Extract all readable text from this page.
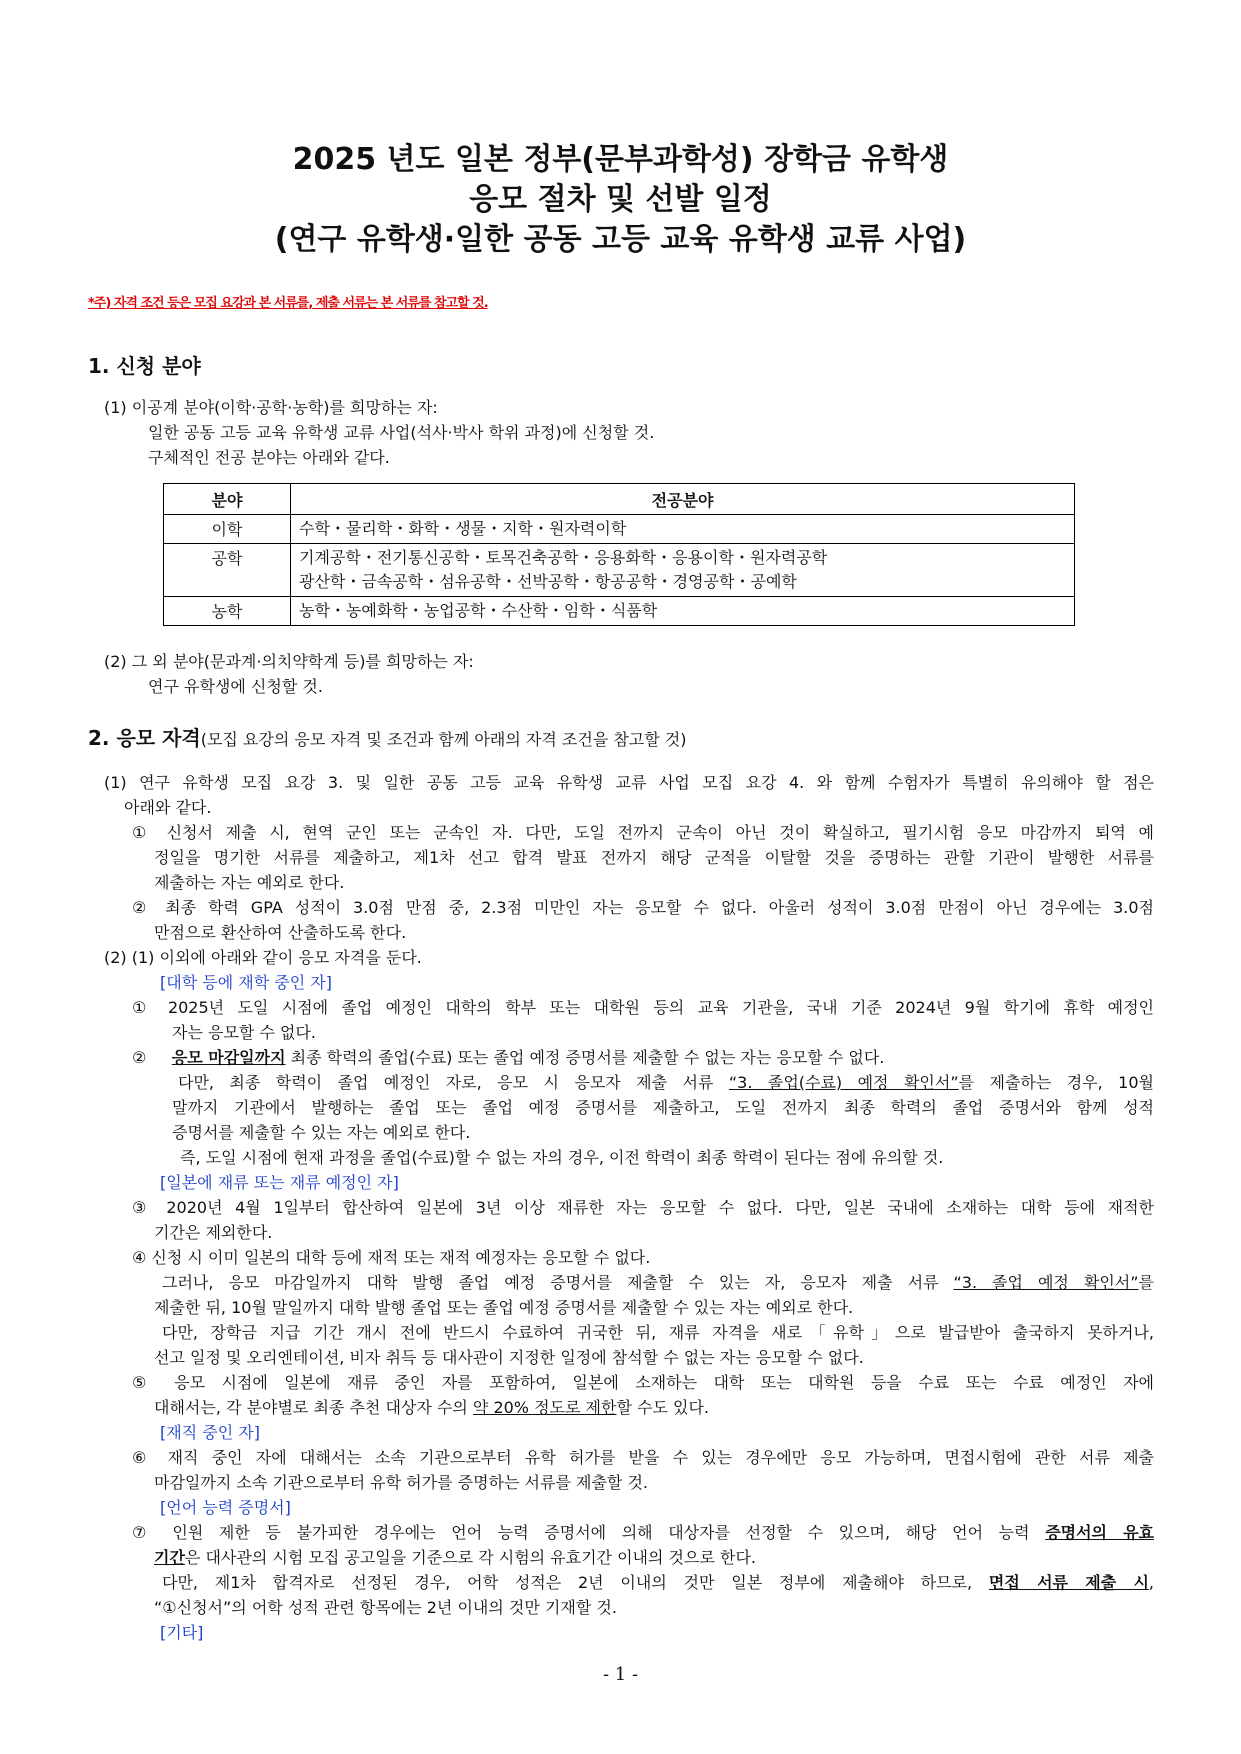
2025 년도 일본 정부(문부과학성) 장학금 유학생
응모 절차 및 선발 일정
(연구 유학생·일한 공동 고등 교육 유학생 교류 사업)
*주) 자격 조건 등은 모집 요강과 본 서류를, 제출 서류는 본 서류를 참고할 것.
1. 신청 분야
(1) 이공계 분야(이학·공학·농학)를 희망하는 자:
일한 공동 고등 교육 유학생 교류 사업(석사·박사 학위 과정)에 신청할 것.
구체적인 전공 분야는 아래와 같다.
분야	전공분야
이학	수학・물리학・화학・생물・지학・원자력이학

공학	기계공학・전기통신공학・토목건축공학・응용화학・응용이학・원자력공학
광산학・금속공학・섬유공학・선박공학・항공공학・경영공학・공예학

농학	농학・농예화학・농업공학・수산학・임학・식품학
(2) 그 외 분야(문과계·의치약학계 등)를 희망하는 자:
연구 유학생에 신청할 것.
2. 응모 자격(모집 요강의 응모 자격 및 조건과 함께 아래의 자격 조건을 참고할 것)
(1) 연구 유학생 모집 요강 3. 및 일한 공동 고등 교육 유학생 교류 사업 모집 요강 4. 와 함께 수험자가 특별히 유의해야 할 점은
아래와 같다.
① 신청서 제출 시, 현역 군인 또는 군속인 자. 다만, 도일 전까지 군속이 아닌 것이 확실하고, 필기시험 응모 마감까지 퇴역 예
정일을 명기한 서류를 제출하고, 제1차 선고 합격 발표 전까지 해당 군적을 이탈할 것을 증명하는 관할 기관이 발행한 서류를
제출하는 자는 예외로 한다.
② 최종 학력 GPA 성적이 3.0점 만점 중, 2.3점 미만인 자는 응모할 수 없다. 아울러 성적이 3.0점 만점이 아닌 경우에는 3.0점
만점으로 환산하여 산출하도록 한다.
(2) (1) 이외에 아래와 같이 응모 자격을 둔다.
[대학 등에 재학 중인 자]
① 2025년 도일 시점에 졸업 예정인 대학의 학부 또는 대학원 등의 교육 기관을, 국내 기준 2024년 9월 학기에 휴학 예정인
자는 응모할 수 없다.
② 응모 마감일까지 최종 학력의 졸업(수료) 또는 졸업 예정 증명서를 제출할 수 없는 자는 응모할 수 없다.
다만, 최종 학력이 졸업 예정인 자로, 응모 시 응모자 제출 서류 “3. 졸업(수료) 예정 확인서”를 제출하는 경우, 10월
말까지 기관에서 발행하는 졸업 또는 졸업 예정 증명서를 제출하고, 도일 전까지 최종 학력의 졸업 증명서와 함께 성적
증명서를 제출할 수 있는 자는 예외로 한다.
즉, 도일 시점에 현재 과정을 졸업(수료)할 수 없는 자의 경우, 이전 학력이 최종 학력이 된다는 점에 유의할 것.
[일본에 재류 또는 재류 예정인 자]
③ 2020년 4월 1일부터 합산하여 일본에 3년 이상 재류한 자는 응모할 수 없다. 다만, 일본 국내에 소재하는 대학 등에 재적한
기간은 제외한다.
④ 신청 시 이미 일본의 대학 등에 재적 또는 재적 예정자는 응모할 수 없다.
그러나, 응모 마감일까지 대학 발행 졸업 예정 증명서를 제출할 수 있는 자, 응모자 제출 서류 “3. 졸업 예정 확인서”를
제출한 뒤, 10월 말일까지 대학 발행 졸업 또는 졸업 예정 증명서를 제출할 수 있는 자는 예외로 한다.
다만, 장학금 지급 기간 개시 전에 반드시 수료하여 귀국한 뒤, 재류 자격을 새로「유학」으로 발급받아 출국하지 못하거나,
선고 일정 및 오리엔테이션, 비자 취득 등 대사관이 지정한 일정에 참석할 수 없는 자는 응모할 수 없다.
⑤ 응모 시점에 일본에 재류 중인 자를 포함하여, 일본에 소재하는 대학 또는 대학원 등을 수료 또는 수료 예정인 자에
대해서는, 각 분야별로 최종 추천 대상자 수의 약 20% 정도로 제한할 수도 있다.
[재직 중인 자]
⑥ 재직 중인 자에 대해서는 소속 기관으로부터 유학 허가를 받을 수 있는 경우에만 응모 가능하며, 면접시험에 관한 서류 제출
마감일까지 소속 기관으로부터 유학 허가를 증명하는 서류를 제출할 것.
[언어 능력 증명서]
⑦ 인원 제한 등 불가피한 경우에는 언어 능력 증명서에 의해 대상자를 선정할 수 있으며, 해당 언어 능력 증명서의 유효
기간은 대사관의 시험 모집 공고일을 기준으로 각 시험의 유효기간 이내의 것으로 한다.
다만, 제1차 합격자로 선정된 경우, 어학 성적은 2년 이내의 것만 일본 정부에 제출해야 하므로, 면접 서류 제출 시,
“①신청서”의 어학 성적 관련 항목에는 2년 이내의 것만 기재할 것.
[기타]
- 1 -
